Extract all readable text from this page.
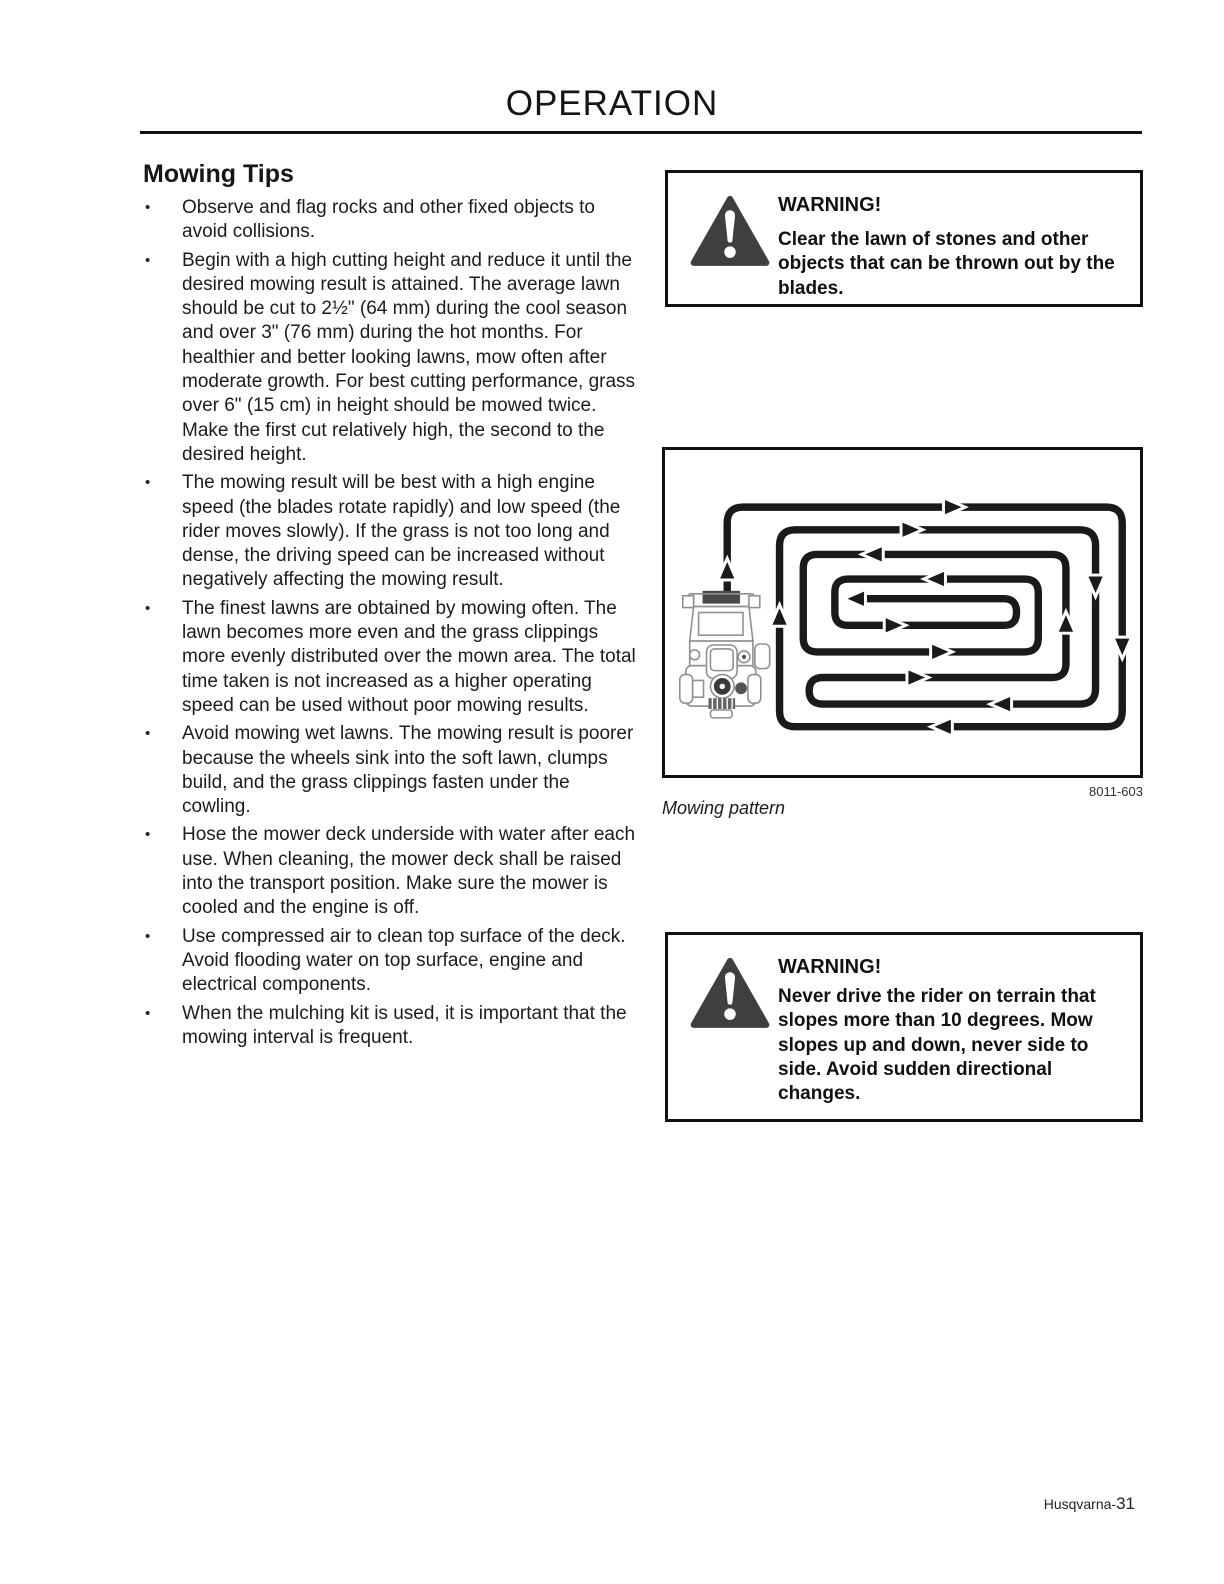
OPERATION
Mowing Tips
•	Observe and flag rocks and other fixed objects to avoid collisions.
•	Begin with a high cutting height and reduce it until the desired mowing result is attained. The average lawn should be cut to 2½" (64 mm) during the cool season and over 3" (76 mm) during the hot months. For healthier and better looking lawns, mow often after moderate growth. For best cutting performance, grass over 6" (15 cm) in height should be mowed twice. Make the first cut relatively high, the second to the desired height.
•	The mowing result will be best with a high engine speed (the blades rotate rapidly) and low speed (the rider moves slowly). If the grass is not too long and dense, the driving speed can be increased without negatively affecting the mowing result.
•	The finest lawns are obtained by mowing often. The lawn becomes more even and the grass clippings more evenly distributed over the mown area. The total time taken is not increased as a higher operating speed can be used without poor mowing results.
•	Avoid mowing wet lawns. The mowing result is poorer because the wheels sink into the soft lawn, clumps build, and the grass clippings fasten under the cowling.
•	Hose the mower deck underside with water after each use. When cleaning, the mower deck shall be raised into the transport position. Make sure the mower is cooled and the engine is off.
•	Use compressed air to clean top surface of the deck. Avoid flooding water on top surface, engine and electrical components.
•	When the mulching kit is used, it is important that the mowing interval is frequent.
WARNING!
Clear the lawn of stones and other objects that can be thrown out by the blades.
8011-603
Mowing pattern
WARNING!
Never drive the rider on terrain that slopes more than 10 degrees. Mow slopes up and down, never side to side. Avoid sudden directional changes.
Husqvarna-31
